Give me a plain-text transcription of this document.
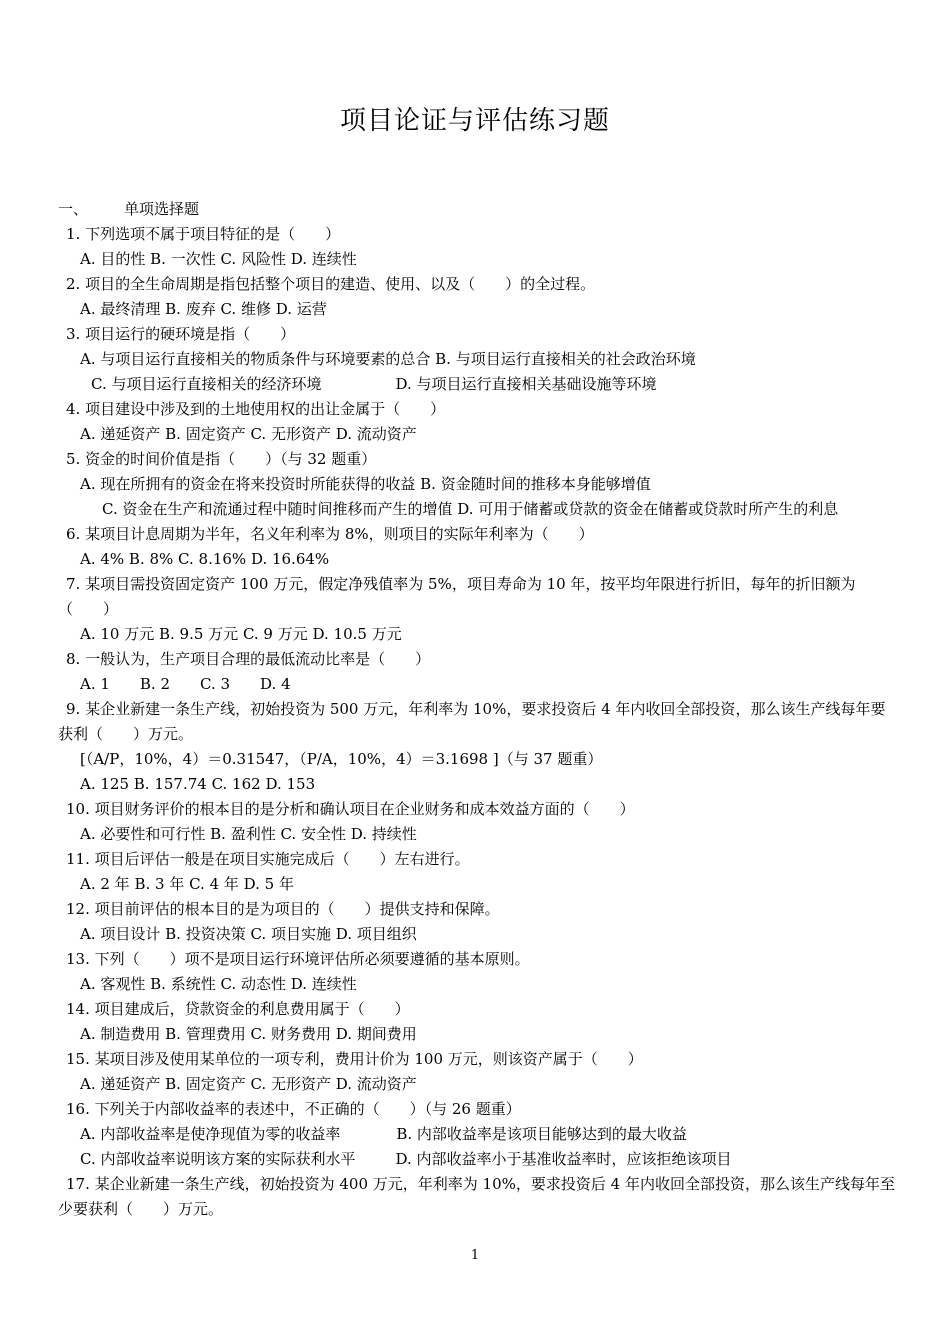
项目论证与评估练习题
一、 单项选择题
1. 下列选项不属于项目特征的是（　　）
A. 目的性 B. 一次性 C. 风险性 D. 连续性
2. 项目的全生命周期是指包括整个项目的建造、使用、以及（　　）的全过程。
A. 最终清理 B. 废弃 C. 维修 D. 运营
3. 项目运行的硬环境是指（　　）
A. 与项目运行直接相关的物质条件与环境要素的总合 B. 与项目运行直接相关的社会政治环境
C. 与项目运行直接相关的经济环境	D. 与项目运行直接相关基础设施等环境
4. 项目建设中涉及到的土地使用权的出让金属于（　　）
A. 递延资产 B. 固定资产 C. 无形资产 D. 流动资产
5. 资金的时间价值是指（　　）（与 32 题重）
A. 现在所拥有的资金在将来投资时所能获得的收益 B. 资金随时间的推移本身能够增值
C. 资金在生产和流通过程中随时间推移而产生的增值 D. 可用于储蓄或贷款的资金在储蓄或贷款时所产生的利息
6. 某项目计息周期为半年，名义年利率为 8%，则项目的实际年利率为（　　）
A. 4% B. 8% C. 8.16% D. 16.64%
7. 某项目需投资固定资产 100 万元，假定净残值率为 5%，项目寿命为 10 年，按平均年限进行折旧，每年的折旧额为（　　）
A. 10 万元 B. 9.5 万元 C. 9 万元 D. 10.5 万元
8. 一般认为，生产项目合理的最低流动比率是（　　）
A. 1　　B. 2　　C. 3　　D. 4
9. 某企业新建一条生产线，初始投资为 500 万元，年利率为 10%，要求投资后 4 年内收回全部投资，那么该生产线每年要获利（　　）万元。
[（A/P，10%，4）＝0.31547，（P/A，10%，4）＝3.1698 ]（与 37 题重）
A. 125 B. 157.74 C. 162 D. 153
10. 项目财务评价的根本目的是分析和确认项目在企业财务和成本效益方面的（　　）
A. 必要性和可行性 B. 盈利性 C. 安全性 D. 持续性
11. 项目后评估一般是在项目实施完成后（　　）左右进行。
A. 2 年 B. 3 年 C. 4 年 D. 5 年
12. 项目前评估的根本目的是为项目的（　　）提供支持和保障。
A. 项目设计 B. 投资决策 C. 项目实施 D. 项目组织
13. 下列（　　）项不是项目运行环境评估所必须要遵循的基本原则。
A. 客观性 B. 系统性 C. 动态性 D. 连续性
14. 项目建成后，贷款资金的利息费用属于（　　）
A. 制造费用 B. 管理费用 C. 财务费用 D. 期间费用
15. 某项目涉及使用某单位的一项专利，费用计价为 100 万元，则该资产属于（　　）
A. 递延资产 B. 固定资产 C. 无形资产 D. 流动资产
16. 下列关于内部收益率的表述中，不正确的（　　）（与 26 题重）
A. 内部收益率是使净现值为零的收益率	B. 内部收益率是该项目能够达到的最大收益
C. 内部收益率说明该方案的实际获利水平	D. 内部收益率小于基准收益率时，应该拒绝该项目
17. 某企业新建一条生产线，初始投资为 400 万元，年利率为 10%，要求投资后 4 年内收回全部投资，那么该生产线每年至少要获利（　　）万元。
1
